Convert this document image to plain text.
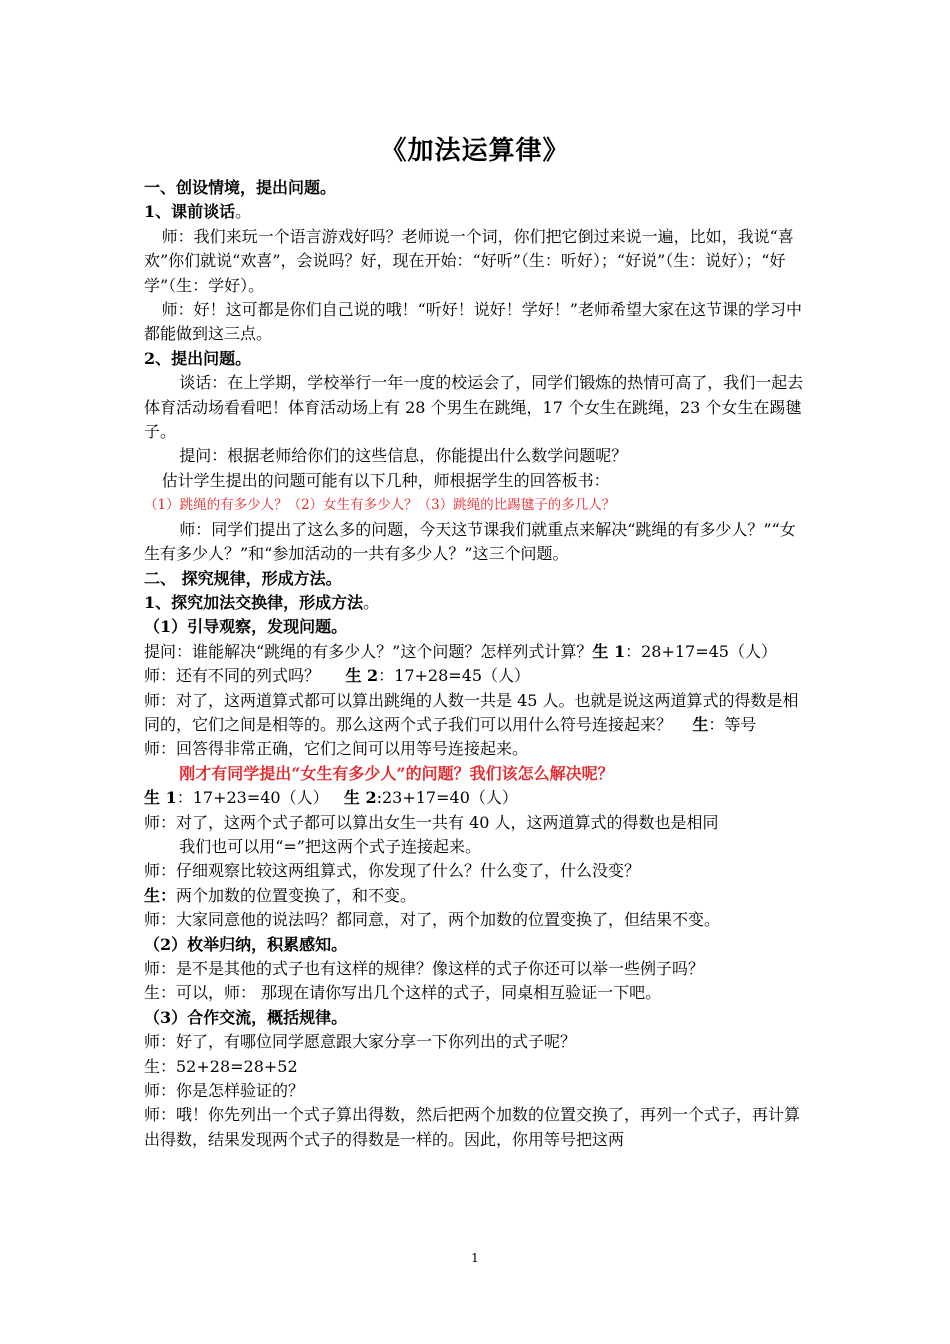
《加法运算律》

一、创设情境，提出问题。

1、课前谈话。

师：我们来玩一个语言游戏好吗？老师说一个词，你们把它倒过来说一遍，比如，我说“喜欢”你们就说“欢喜”，会说吗？好，现在开始：“好听”（生：听好）；“好说”（生：说好）；“好学”（生：学好）。

师：好！这可都是你们自己说的哦！“听好！说好！学好！”老师希望大家在这节课的学习中都能做到这三点。

2、提出问题。

谈话：在上学期，学校举行一年一度的校运会了，同学们锻炼的热情可高了，我们一起去体育活动场看看吧！体育活动场上有 28 个男生在跳绳，17 个女生在跳绳，23 个女生在踢毽子。

提问：根据老师给你们的这些信息，你能提出什么数学问题呢？

估计学生提出的问题可能有以下几种，师根据学生的回答板书：

（1）跳绳的有多少人？（2）女生有多少人？（3）跳绳的比踢毽子的多几人？

师：同学们提出了这么多的问题，今天这节课我们就重点来解决“跳绳的有多少人？”“女生有多少人？”和“参加活动的一共有多少人？”这三个问题。

二、 探究规律，形成方法。

1、探究加法交换律，形成方法。

（1）引导观察，发现问题。

提问：谁能解决“跳绳的有多少人？”这个问题？怎样列式计算？生 1：28+17=45（人）

师：还有不同的列式吗？     生 2：17+28=45（人）

师：对了，这两道算式都可以算出跳绳的人数一共是 45 人。也就是说这两道算式的得数是相同的，它们之间是相等的。那么这两个式子我们可以用什么符号连接起来？    生：等号

师：回答得非常正确，它们之间可以用等号连接起来。

刚才有同学提出“女生有多少人”的问题？我们该怎么解决呢？

生 1：17+23=40（人）   生 2:23+17=40（人）

师：对了，这两个式子都可以算出女生一共有 40 人，这两道算式的得数也是相同

我们也可以用“=”把这两个式子连接起来。

师：仔细观察比较这两组算式，你发现了什么？什么变了，什么没变？

生：两个加数的位置变换了，和不变。

师：大家同意他的说法吗？都同意，对了，两个加数的位置变换了，但结果不变。

（2）枚举归纳，积累感知。

师：是不是其他的式子也有这样的规律？像这样的式子你还可以举一些例子吗？

生：可以，师： 那现在请你写出几个这样的式子，同桌相互验证一下吧。

（3）合作交流，概括规律。

师：好了，有哪位同学愿意跟大家分享一下你列出的式子呢？

生：52+28=28+52

师：你是怎样验证的？

师：哦！你先列出一个式子算出得数，然后把两个加数的位置交换了，再列一个式子，再计算出得数，结果发现两个式子的得数是一样的。因此，你用等号把这两

1
